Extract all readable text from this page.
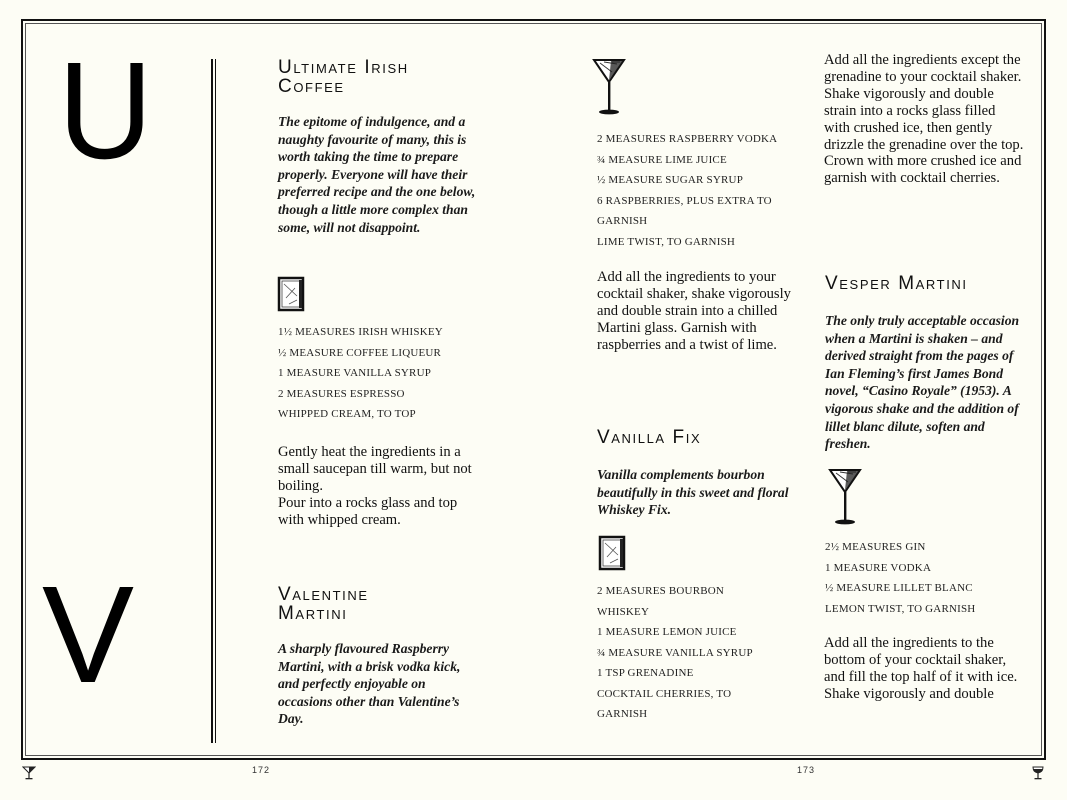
U
V
Ultimate Irish Coffee

The epitome of indulgence, and a naughty favourite of many, this is worth taking the time to prepare properly. Everyone will have their preferred recipe and the one below, though a little more complex than some, will not disappoint.

1½ MEASURES IRISH WHISKEY
½ MEASURE COFFEE LIQUEUR
1 MEASURE VANILLA SYRUP
2 MEASURES ESPRESSO
WHIPPED CREAM, TO TOP

Gently heat the ingredients in a small saucepan till warm, but not boiling.

Pour into a rocks glass and top with whipped cream.

Valentine Martini

A sharply flavoured Raspberry Martini, with a brisk vodka kick, and perfectly enjoyable on occasions other than Valentine’s Day.

2 MEASURES RASPBERRY VODKA
¾ MEASURE LIME JUICE
½ MEASURE SUGAR SYRUP
6 RASPBERRIES, PLUS EXTRA TO GARNISH
LIME TWIST, TO GARNISH

Add all the ingredients to your cocktail shaker, shake vigorously and double strain into a chilled Martini glass. Garnish with raspberries and a twist of lime.

Vanilla Fix

Vanilla complements bourbon beautifully in this sweet and floral Whiskey Fix.

2 MEASURES BOURBON WHISKEY
1 MEASURE LEMON JUICE
¾ MEASURE VANILLA SYRUP
1 TSP GRENADINE
COCKTAIL CHERRIES, TO GARNISH

Add all the ingredients except the grenadine to your cocktail shaker.

Shake vigorously and double strain into a rocks glass filled with crushed ice, then gently drizzle the grenadine over the top.

Crown with more crushed ice and garnish with cocktail cherries.

Vesper Martini

The only truly acceptable occasion when a Martini is shaken – and derived straight from the pages of Ian Fleming’s first James Bond novel, “Casino Royale” (1953). A vigorous shake and the addition of lillet blanc dilute, soften and freshen.

2½ MEASURES GIN
1 MEASURE VODKA
½ MEASURE LILLET BLANC
LEMON TWIST, TO GARNISH

Add all the ingredients to the bottom of your cocktail shaker, and fill the top half of it with ice.

Shake vigorously and double

172	173
